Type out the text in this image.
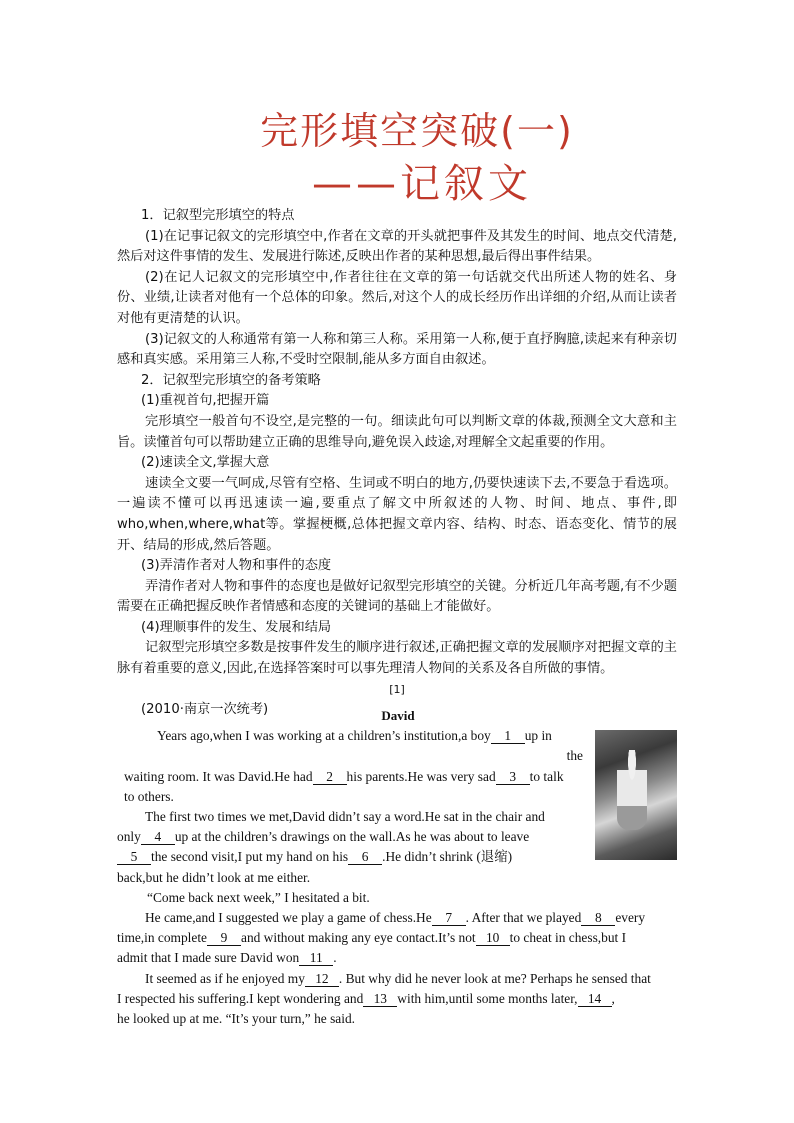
完形填空突破(一)
——记叙文

1．记叙型完形填空的特点

(1)在记事记叙文的完形填空中,作者在文章的开头就把事件及其发生的时间、地点交代清楚,然后对这件事情的发生、发展进行陈述,反映出作者的某种思想,最后得出事件结果。

(2)在记人记叙文的完形填空中,作者往往在文章的第一句话就交代出所述人物的姓名、身份、业绩,让读者对他有一个总体的印象。然后,对这个人的成长经历作出详细的介绍,从而让读者对他有更清楚的认识。

(3)记叙文的人称通常有第一人称和第三人称。采用第一人称,便于直抒胸臆,读起来有种亲切感和真实感。采用第三人称,不受时空限制,能从多方面自由叙述。

2．记叙型完形填空的备考策略

(1)重视首句,把握开篇

完形填空一般首句不设空,是完整的一句。细读此句可以判断文章的体裁,预测全文大意和主旨。读懂首句可以帮助建立正确的思维导向,避免误入歧途,对理解全文起重要的作用。

(2)速读全文,掌握大意

速读全文要一气呵成,尽管有空格、生词或不明白的地方,仍要快速读下去,不要急于看选项。一遍读不懂可以再迅速读一遍,要重点了解文中所叙述的人物、时间、地点、事件,即who,when,where,what等。掌握梗概,总体把握文章内容、结构、时态、语态变化、情节的展开、结局的形成,然后答题。

(3)弄清作者对人物和事件的态度

弄清作者对人物和事件的态度也是做好记叙型完形填空的关键。分析近几年高考题,有不少题需要在正确把握反映作者情感和态度的关键词的基础上才能做好。

(4)理顺事件的发生、发展和结局

记叙型完形填空多数是按事件发生的顺序进行叙述,正确把握文章的发展顺序对把握文章的主脉有着重要的意义,因此,在选择答案时可以事先理清人物间的关系及各自所做的事情。

[1]

(2010·南京一次统考)	David

Years ago,when I was working at a children’s institution,a boy 1 up in

the

waiting room. It was David.He had 2 his parents.He was very sad 3 to talk

to others.

The first two times we met,David didn’t say a word.He sat in the chair and

only 4 up at the children’s drawings on the wall.As he was about to leave

5 the second visit,I put my hand on his 6 .He didn’t shrink (退缩)

back,but he didn’t look at me either.

“Come back next week,” I hesitated a bit.

He came,and I suggested we play a game of chess.He 7 . After that we played 8 every

time,in complete 9 and without making any eye contact.It’s not 10 to cheat in chess,but I

admit that I made sure David won 11 .

It seemed as if he enjoyed my 12 . But why did he never look at me? Perhaps he sensed that

I respected his suffering.I kept wondering and 13 with him,until some months later, 14 ,

he looked up at me. “It’s your turn,” he said.
